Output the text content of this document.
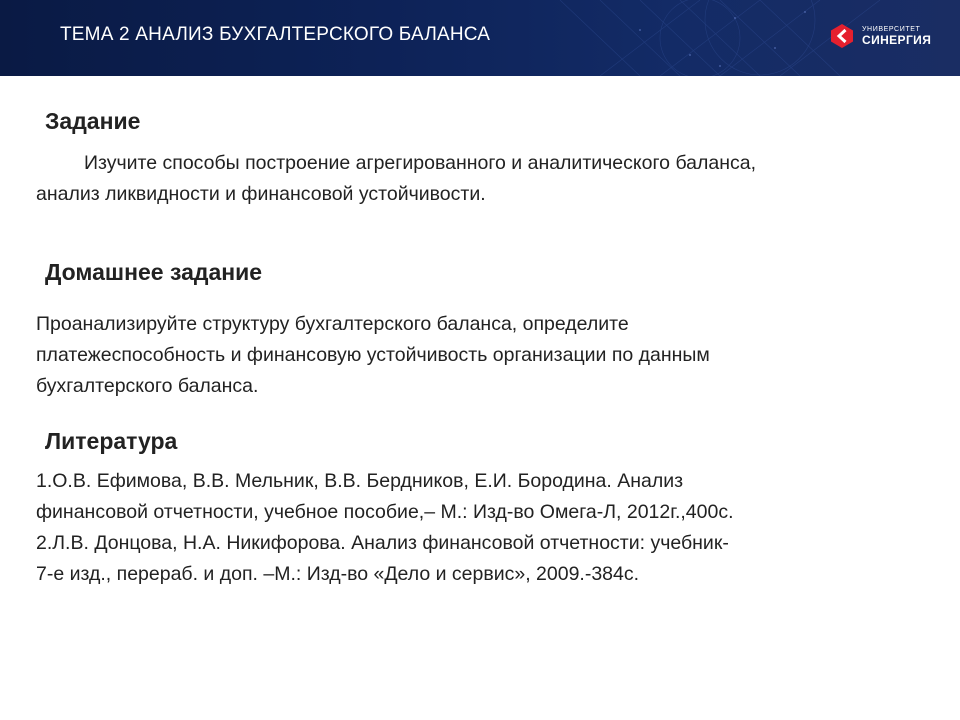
ТЕМА 2 АНАЛИЗ БУХГАЛТЕРСКОГО БАЛАНСА	УНИВЕРСИТЕТ
СИНЕРГИЯ
Задание
Изучите способы построение агрегированного и аналитического баланса,
анализ ликвидности и финансовой устойчивости.
Домашнее задание
Проанализируйте структуру бухгалтерского баланса, определите
платежеспособность и финансовую устойчивость организации по данным
бухгалтерского баланса.
Литература
1.О.В. Ефимова, В.В. Мельник, В.В. Бердников, Е.И. Бородина. Анализ
финансовой отчетности, учебное пособие,– М.: Изд-во Омега-Л, 2012г.,400с.
2.Л.В. Донцова, Н.А. Никифорова. Анализ финансовой отчетности: учебник-
7-е изд., перераб. и доп. –М.: Изд-во «Дело и сервис», 2009.-384с.
